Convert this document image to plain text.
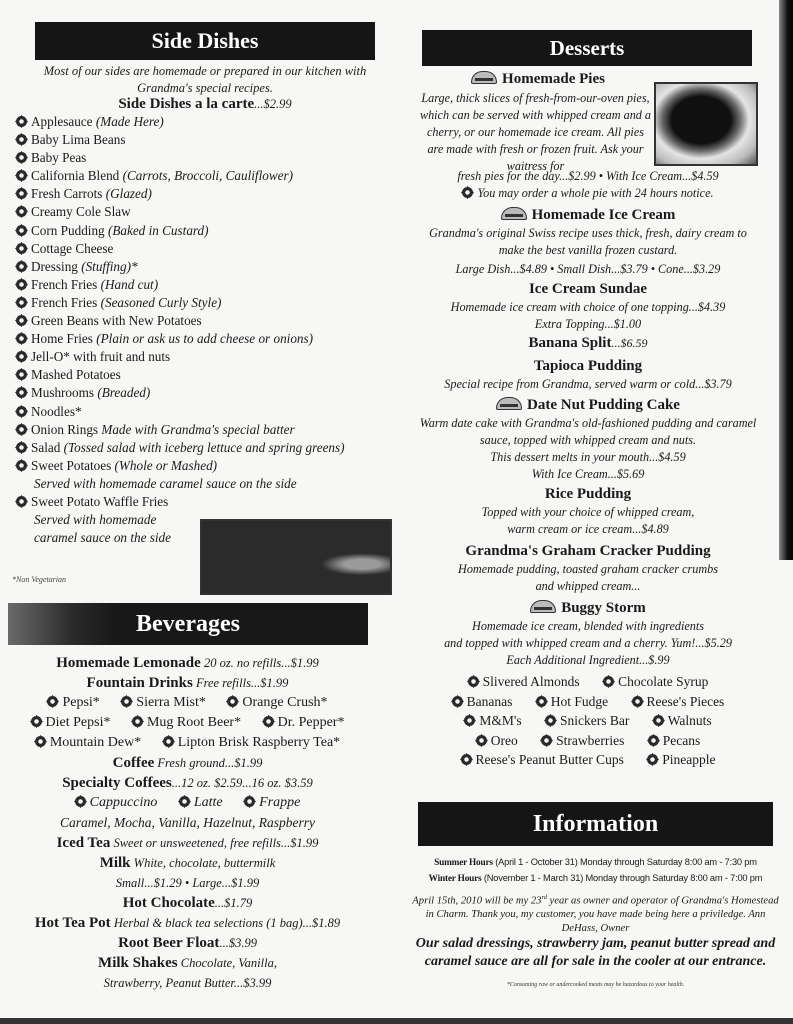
Side Dishes
Most of our sides are homemade or prepared in our kitchen with Grandma's special recipes.
Side Dishes a la carte...$2.99
Applesauce (Made Here)
Baby Lima Beans
Baby Peas
California Blend (Carrots, Broccoli, Cauliflower)
Fresh Carrots (Glazed)
Creamy Cole Slaw
Corn Pudding (Baked in Custard)
Cottage Cheese
Dressing (Stuffing)*
French Fries (Hand cut)
French Fries (Seasoned Curly Style)
Green Beans with New Potatoes
Home Fries (Plain or ask us to add cheese or onions)
Jell-O* with fruit and nuts
Mashed Potatoes
Mushrooms (Breaded)
Noodles*
Onion Rings Made with Grandma's special batter
Salad (Tossed salad with iceberg lettuce and spring greens)
Sweet Potatoes (Whole or Mashed)
Served with homemade caramel sauce on the side
Sweet Potato Waffle Fries
Served with homemade
caramel sauce on the side
*Non Vegetarian
Beverages
Homemade Lemonade 20 oz. no refills...$1.99
Fountain Drinks Free refills...$1.99
Pepsi*	Sierra Mist*	Orange Crush*
Diet Pepsi*	Mug Root Beer*	Dr. Pepper*
Mountain Dew*	Lipton Brisk Raspberry Tea*
Coffee Fresh ground...$1.99
Specialty Coffees...12 oz. $2.59...16 oz. $3.59
Cappuccino	Latte	Frappe
Caramel, Mocha, Vanilla, Hazelnut, Raspberry
Iced Tea Sweet or unsweetened, free refills...$1.99
Milk White, chocolate, buttermilk
Small...$1.29 • Large...$1.99
Hot Chocolate...$1.79
Hot Tea Pot Herbal & black tea selections (1 bag)...$1.89
Root Beer Float...$3.99
Milk Shakes Chocolate, Vanilla,
Strawberry, Peanut Butter...$3.99
Desserts
Homemade Pies
Large, thick slices of fresh-from-our-oven pies, which can be served with whipped cream and a cherry, or our homemade ice cream. All pies are made with fresh or frozen fruit. Ask your waitress for
fresh pies for the day...$2.99 • With Ice Cream...$4.59
You may order a whole pie with 24 hours notice.
Homemade Ice Cream
Grandma's original Swiss recipe uses thick, fresh, dairy cream to make the best vanilla frozen custard.
Large Dish...$4.89 • Small Dish...$3.79 • Cone...$3.29
Ice Cream Sundae
Homemade ice cream with choice of one topping...$4.39
Extra Topping...$1.00
Banana Split...$6.59
Tapioca Pudding
Special recipe from Grandma, served warm or cold...$3.79
Date Nut Pudding Cake
Warm date cake with Grandma's old-fashioned pudding and caramel sauce, topped with whipped cream and nuts.
This dessert melts in your mouth...$4.59
With Ice Cream...$5.69
Rice Pudding
Topped with your choice of whipped cream,
warm cream or ice cream...$4.89
Grandma's Graham Cracker Pudding
Homemade pudding, toasted graham cracker crumbs
and whipped cream...
Buggy Storm
Homemade ice cream, blended with ingredients
and topped with whipped cream and a cherry. Yum!...$5.29
Each Additional Ingredient...$.99
Slivered Almonds	Chocolate Syrup
Bananas	Hot Fudge	Reese's Pieces
M&M's	Snickers Bar	Walnuts
Oreo	Strawberries	Pecans
Reese's Peanut Butter Cups	Pineapple
Information
Summer Hours (April 1 - October 31) Monday through Saturday 8:00 am - 7:30 pm
Winter Hours (November 1 - March 31) Monday through Saturday 8:00 am - 7:00 pm
April 15th, 2010 will be my 23rd year as owner and operator of Grandma's Homestead in Charm. Thank you, my customer, you have made being here a priviledge. Ann DeHass, Owner
Our salad dressings, strawberry jam, peanut butter spread and caramel sauce are all for sale in the cooler at our entrance.
*Consuming raw or undercooked meats may be hazardous to your health.
